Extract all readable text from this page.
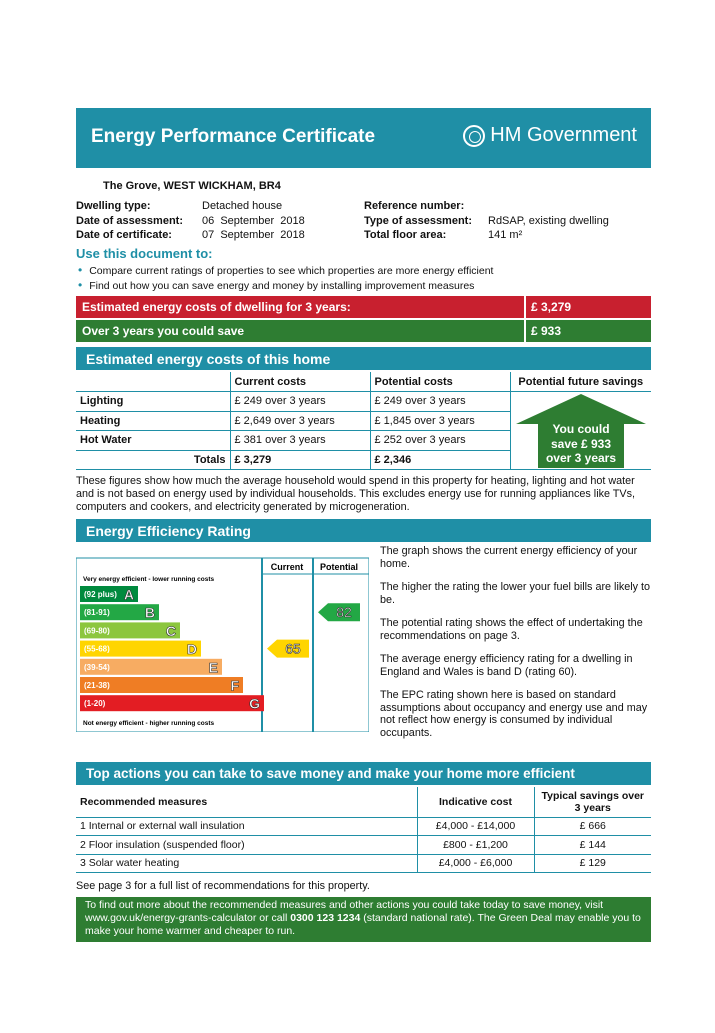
Energy Performance Certificate	HM Government
The Grove, WEST WICKHAM, BR4
Dwelling type:	Detached house
Date of assessment: 06  September  2018
Date of certificate:	07  September  2018
Reference number:
Type of assessment: RdSAP, existing dwelling
Total floor area:	141 m²
Use this document to:
• Compare current ratings of properties to see which properties are more energy efficient
• Find out how you can save energy and money by installing improvement measures
Estimated energy costs of dwelling for 3 years:	£ 3,279
Over 3 years you could save	£ 933
Estimated energy costs of this home
	Current costs	Potential costs	Potential future savings
Lighting	£ 249 over 3 years	£ 249 over 3 years	
Heating	£ 2,649 over 3 years	£ 1,845 over 3 years	
Hot Water	£ 381 over 3 years	£ 252 over 3 years	
Totals	£ 3,279	£ 2,346	
You could
save £ 933
over 3 years
These figures show how much the average household would spend in this property for heating, lighting and hot water and is not based on energy used by individual households. This excludes energy use for running appliances like TVs, computers and cookers, and electricity generated by microgeneration.
Energy Efficiency Rating
Current Potential
Very energy efficient - lower running costs
Not energy efficient - higher running costs
(92 plus) A
(81-91)	B
(69-80)	C
(55-68)	D
(39-54)	E
(21-38)	F
(1-20)	G
65
82

The graph shows the current energy efficiency of your home.

The higher the rating the lower your fuel bills are likely to be.

The potential rating shows the effect of undertaking the recommendations on page 3.

The average energy efficiency rating for a dwelling in England and Wales is band D (rating 60).

The EPC rating shown here is based on standard assumptions about occupancy and energy use and may not reflect how energy is consumed by individual occupants.

Top actions you can take to save money and make your home more efficient
Recommended measures	Indicative cost	Typical savings over 3 years
1 Internal or external wall insulation	£4,000 - £14,000	£ 666
2 Floor insulation (suspended floor)	£800 - £1,200	£ 144
3 Solar water heating	£4,000 - £6,000	£ 129
See page 3 for a full list of recommendations for this property.
To find out more about the recommended measures and other actions you could take today to save money, visit www.gov.uk/energy-grants-calculator or call 0300 123 1234 (standard national rate). The Green Deal may enable you to make your home warmer and cheaper to run.
